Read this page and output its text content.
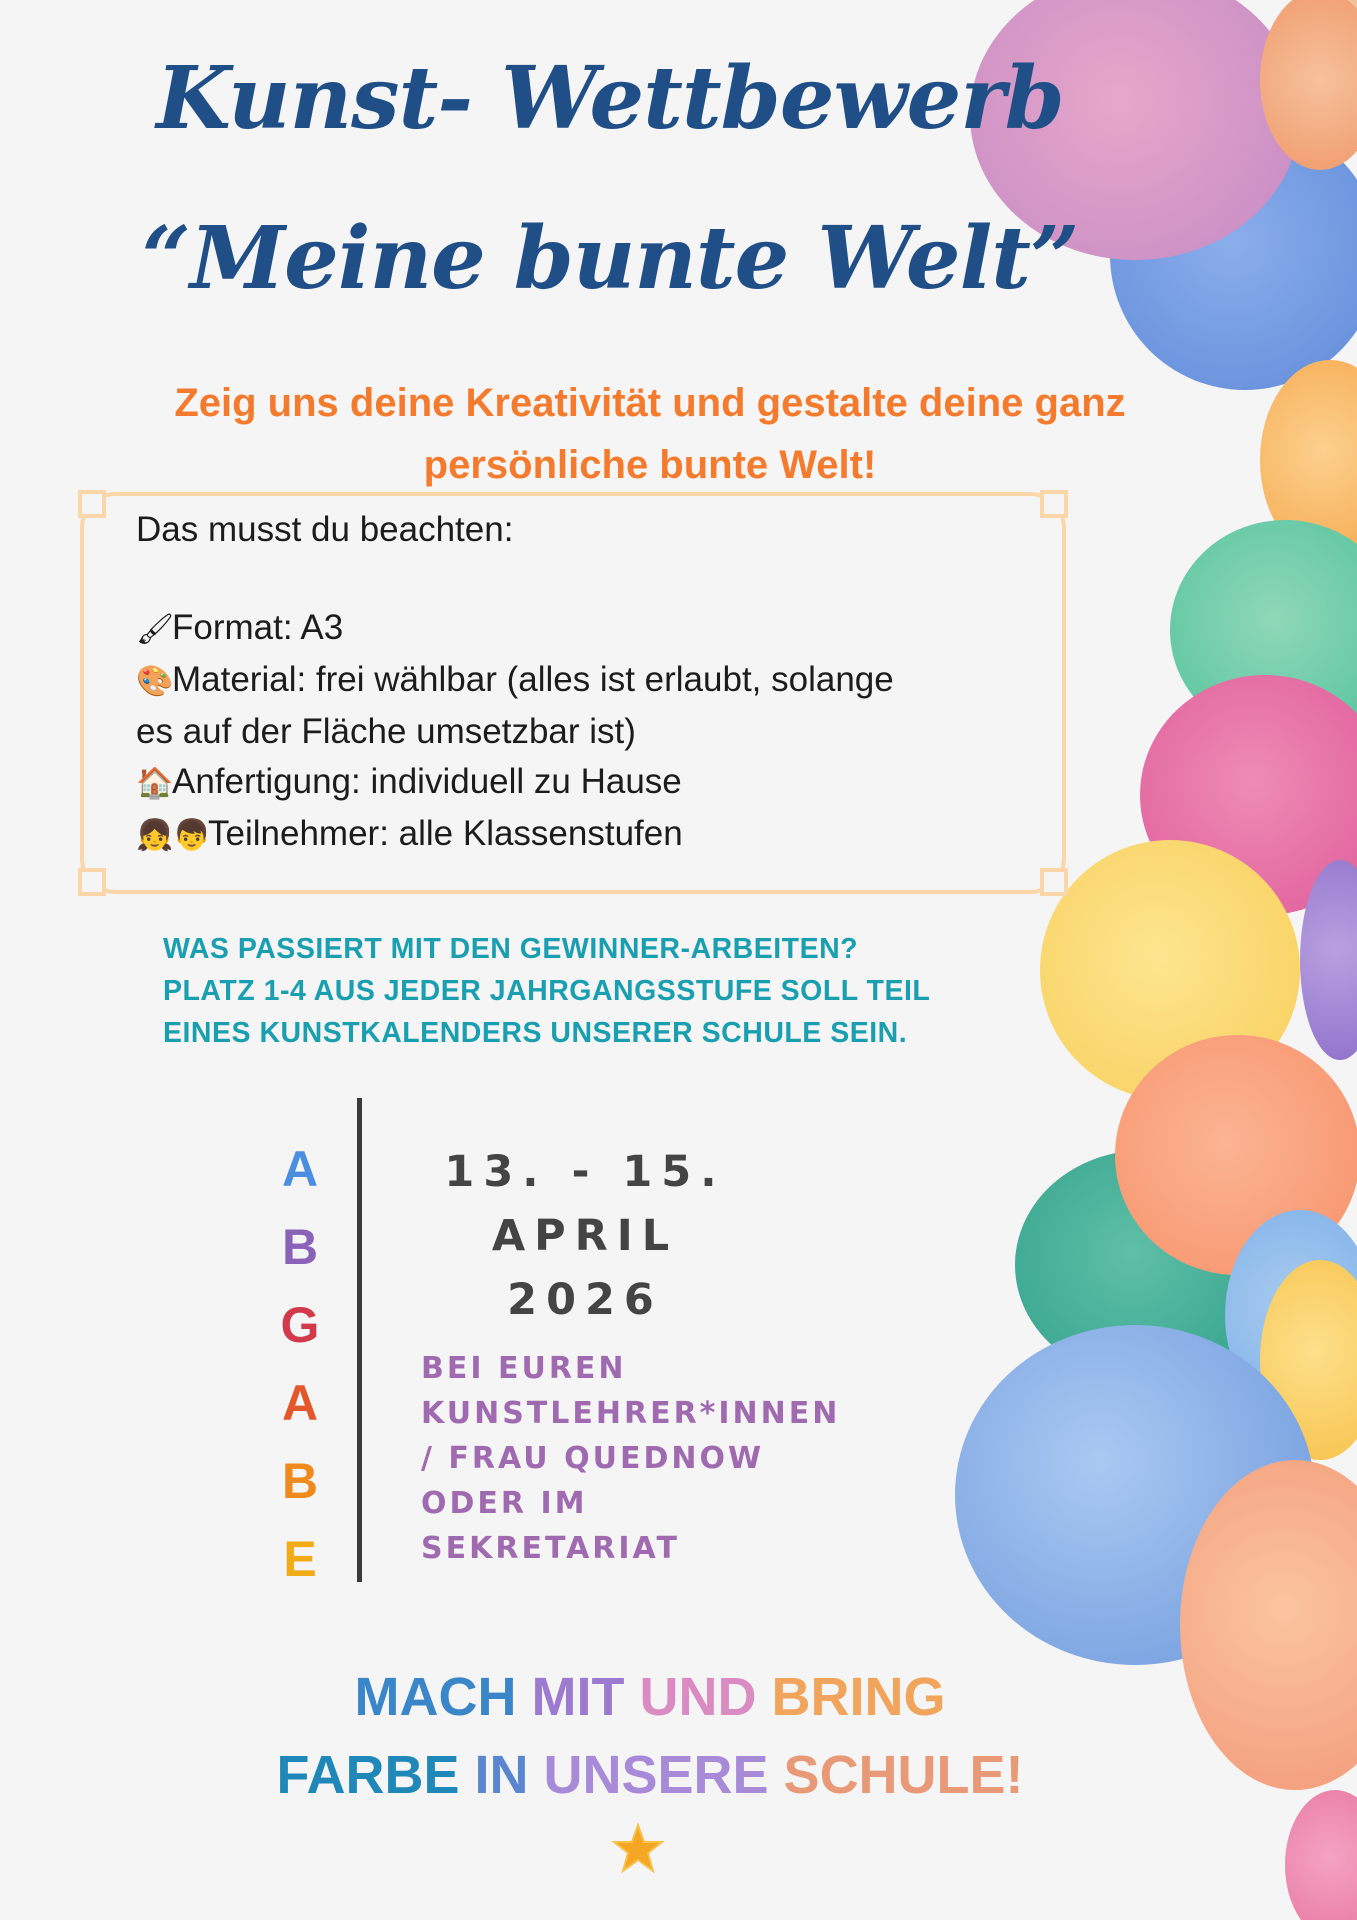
Kunst- Wettbewerb
“Meine bunte Welt”
Zeig uns deine Kreativität und gestalte deine ganz
persönliche bunte Welt!
Das musst du beachten:
🖌Format: A3
🎨Material: frei wählbar (alles ist erlaubt, solange
es auf der Fläche umsetzbar ist)
🏠Anfertigung: individuell zu Hause
👧👦Teilnehmer: alle Klassenstufen
WAS PASSIERT MIT DEN GEWINNER-ARBEITEN?
PLATZ 1-4 AUS JEDER JAHRGANGSSTUFE SOLL TEIL
EINES KUNSTKALENDERS UNSERER SCHULE SEIN.
A
B
G
A
B
E
13. - 15.
APRIL
2026
BEI EUREN
KUNSTLEHRER*INNEN
/ FRAU QUEDNOW
ODER IM
SEKRETARIAT
MACH MIT UND BRING
FARBE IN UNSERE SCHULE!
